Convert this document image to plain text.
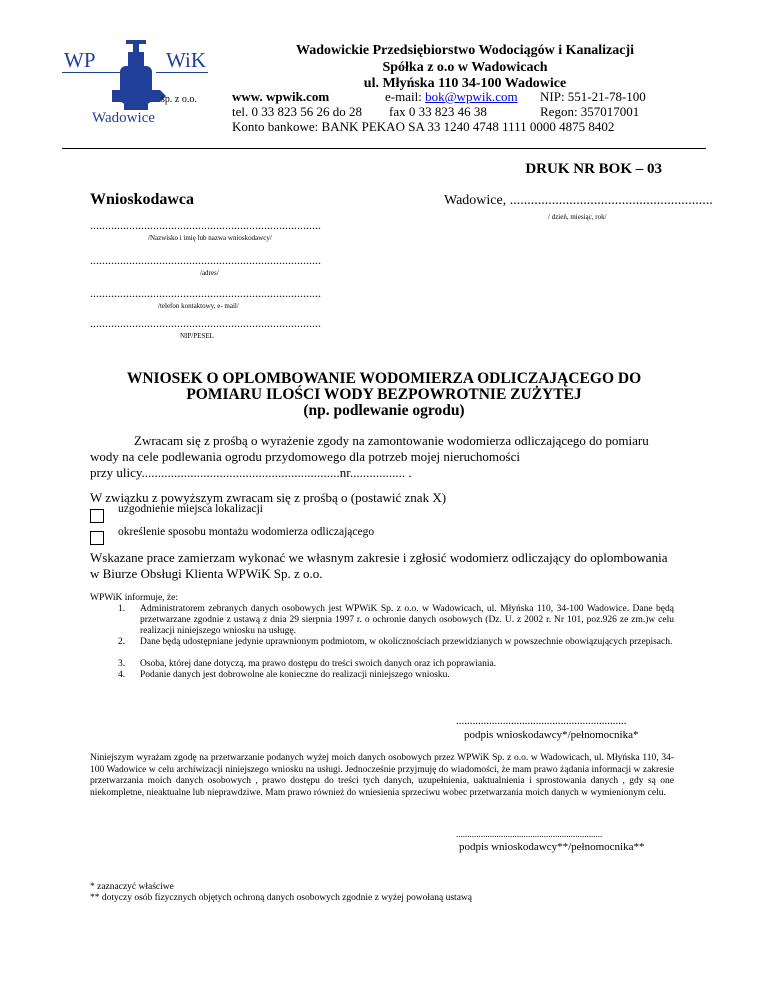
WP	WiK
sp. z o.o.
Wadowice
Wadowickie Przedsiębiorstwo Wodociągów i Kanalizacji
Spółka z o.o w Wadowicach
ul. Młyńska 110 34-100 Wadowice
www. wpwik.com	e-mail: bok@wpwik.com NIP: 551-21-78-100
tel. 0 33 823 56 26 do 28 fax 0 33 823 46 38	Regon: 357017001
Konto bankowe: BANK PEKAO SA 33 1240 4748 1111 0000 4875 8402
DRUK NR BOK – 03
Wnioskodawca	Wadowice, ..........................................................
/ dzień, miesiąc, rok/
.............................................................................
/Nazwisko i imię lub nazwa wnioskodawcy/
.............................................................................
/adres/
.............................................................................
/telefon kontaktowy, e- mail/
.............................................................................
NIP/PESEL
WNIOSEK O OPLOMBOWANIE WODOMIERZA ODLICZAJĄCEGO DO
POMIARU ILOŚCI WODY BEZPOWROTNIE ZUŻYTEJ
(np. podlewanie ogrodu)
Zwracam się z prośbą o wyrażenie zgody na zamontowanie wodomierza odliczającego do pomiaru
wody na cele podlewania ogrodu przydomowego dla potrzeb mojej nieruchomości
przy ulicy.............................................................nr................. .
W związku z powyższym zwracam się z prośbą o (postawić znak X)
uzgodnienie miejsca lokalizacji
określenie sposobu montażu wodomierza odliczającego
Wskazane prace zamierzam wykonać we własnym zakresie i zgłosić wodomierz odliczający do oplombowania
w Biurze Obsługi Klienta WPWiK Sp. z o.o.
WPWiK informuje, że:
1. Administratorem zebranych danych osobowych jest WPWiK Sp. z o.o. w Wadowicach, ul. Młyńska 110, 34-100 Wadowice. Dane będą przetwarzane zgodnie z ustawą z dnia 29 sierpnia 1997 r. o ochronie danych osobowych (Dz. U. z 2002 r. Nr 101, poz.926 ze zm.)w celu realizacji niniejszego wniosku na usługę.
2. Dane będą udostępniane jedynie uprawnionym podmiotom, w okolicznościach przewidzianych w powszechnie obowiązujących przepisach.
3. Osoba, której dane dotyczą, ma prawo dostępu do treści swoich danych oraz ich poprawiania.
4. Podanie danych jest dobrowolne ale konieczne do realizacji niniejszego wniosku.
..............................................................
podpis wnioskodawcy*/pełnomocnika*
Niniejszym wyrażam zgodę na przetwarzanie podanych wyżej moich danych osobowych przez WPWiK Sp. z o.o. w Wadowicach, ul. Młyńska 110, 34-100 Wadowice w celu archiwizacji niniejszego wniosku na usługi. Jednocześnie przyjmuję do wiadomości, że mam prawo żądania informacji w zakresie przetwarzania moich danych osobowych , prawo dostępu do treści tych danych, uzupełnienia, uaktualnienia i sprostowania danych , gdy są one niekompletne, nieaktualne lub nieprawdziwe. Mam prawo również do wniesienia sprzeciwu wobec przetwarzania moich danych w wymienionym celu.
.................................................................
podpis wnioskodawcy**/pełnomocnika**
* zaznaczyć właściwe
** dotyczy osób fizycznych objętych ochroną danych osobowych zgodnie z wyżej powołaną ustawą
